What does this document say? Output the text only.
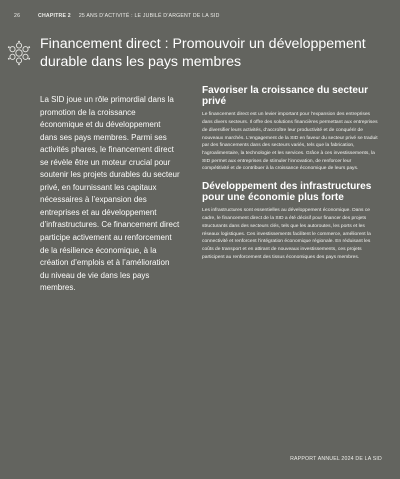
26	CHAPITRE 2 25 ANS D’ACTIVITÉ : LE JUBILÉ D’ARGENT DE LA SID
Financement direct : Promouvoir un développement durable dans les pays membres
La SID joue un rôle primordial dans la promotion de la croissance économique et du développement dans ses pays membres. Parmi ses activités phares, le financement direct se révèle être un moteur crucial pour soutenir les projets durables du secteur privé, en fournissant les capitaux nécessaires à l’expansion des entreprises et au développement d’infrastructures. Ce financement direct participe activement au renforcement de la résilience économique, à la création d’emplois et à l’amélioration du niveau de vie dans les pays membres.
Favoriser la croissance du secteur privé

Le financement direct est un levier important pour l’expansion des entreprises dans divers secteurs. Il offre des solutions financières permettant aux entreprises de diversifier leurs activités, d’accroître leur productivité et de conquérir de nouveaux marchés. L’engagement de la SID en faveur du secteur privé se traduit par des financements dans des secteurs variés, tels que la fabrication, l’agroalimentaire, la technologie et les services. Grâce à ces investissements, la SID permet aux entreprises de stimuler l’innovation, de renforcer leur compétitivité et de contribuer à la croissance économique de leurs pays.

Développement des infrastructures pour une économie plus forte

Les infrastructures sont essentielles au développement économique. Dans ce cadre, le financement direct de la SID a été décisif pour financer des projets structurants dans des secteurs clés, tels que les autoroutes, les ports et les réseaux logistiques. Ces investissements facilitent le commerce, améliorent la connectivité et renforcent l’intégration économique régionale. En réduisant les coûts de transport et en attirant de nouveaux investissements, ces projets participent au renforcement des tissus économiques des pays membres.

RAPPORT ANNUEL 2024 DE LA SID
